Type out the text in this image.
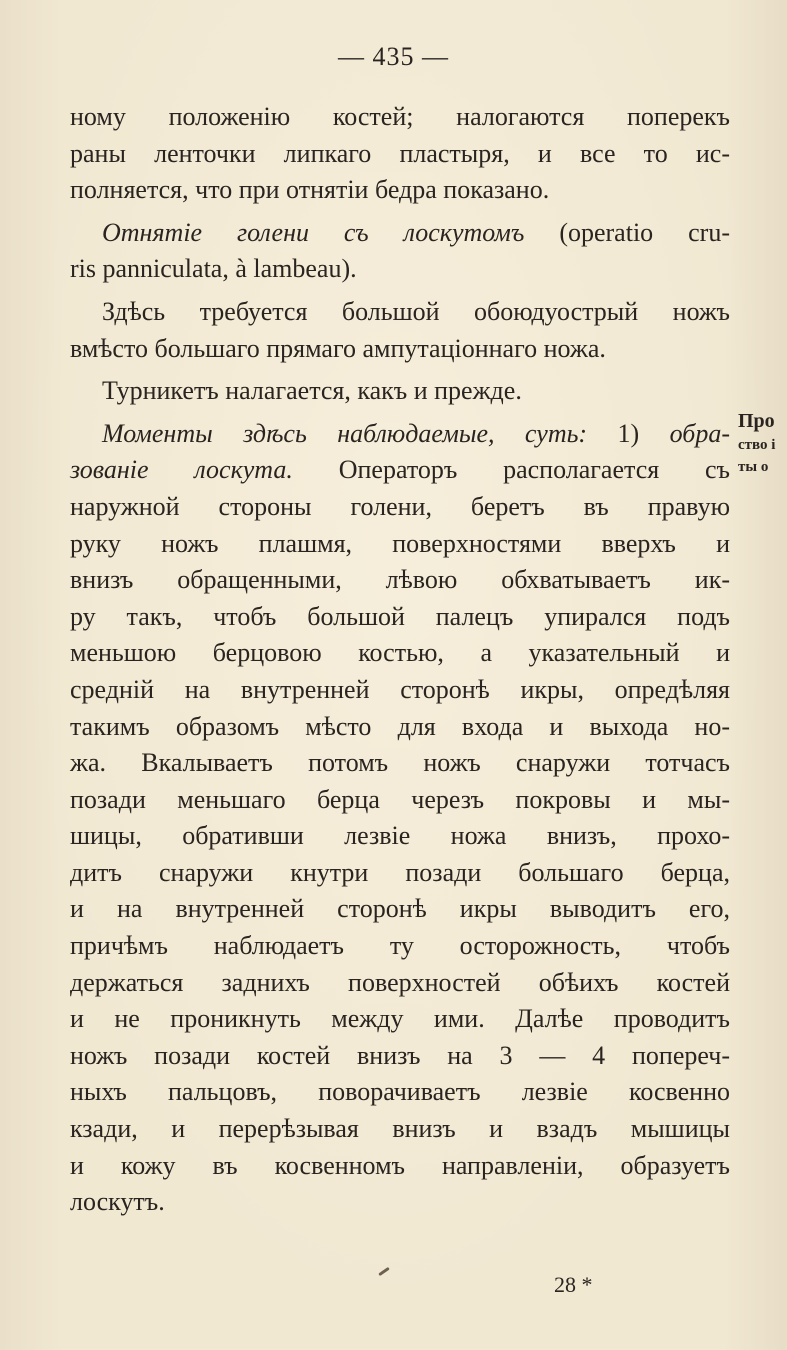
— 435 —
ному положенію костей; налогаются поперекъ
раны ленточки липкаго пластыря, и все то ис-
полняется, что при отнятіи бедра показано.
Отнятіе голени съ лоскутомъ (operatio cru-
ris panniculata, à lambeau).
Здѣсь требуется большой обоюдуострый ножъ
вмѣсто большаго прямаго ампутаціоннаго ножа.
Турникетъ налагается, какъ и прежде.
Моменты здѣсь наблюдаемые, суть: 1) обра-
зованіе лоскута. Операторъ располагается съ
наружной стороны голени, беретъ въ правую
руку ножъ плашмя, поверхностями вверхъ и
внизъ обращенными, лѣвою обхватываетъ ик-
ру такъ, чтобъ большой палецъ упирался подъ
меньшою берцовою костью, а указательный и
средній на внутренней сторонѣ икры, опредѣляя
такимъ образомъ мѣсто для входа и выхода но-
жа. Вкалываетъ потомъ ножъ снаружи тотчасъ
позади меньшаго берца черезъ покровы и мы-
шицы, обративши лезвіе ножа внизъ, прохо-
дитъ снаружи кнутри позади большаго берца,
и на внутренней сторонѣ икры выводитъ его,
причѣмъ наблюдаетъ ту осторожность, чтобъ
держаться заднихъ поверхностей обѣихъ костей
и не проникнуть между ими. Далѣе проводитъ
ножъ позади костей внизъ на 3 — 4 попереч-
ныхъ пальцовъ, поворачиваетъ лезвіе косвенно
кзади, и перерѣзывая внизъ и взадъ мышицы
и кожу въ косвенномъ направленіи, образуетъ
лоскутъ.
Про
ство і
ты о
28 *
